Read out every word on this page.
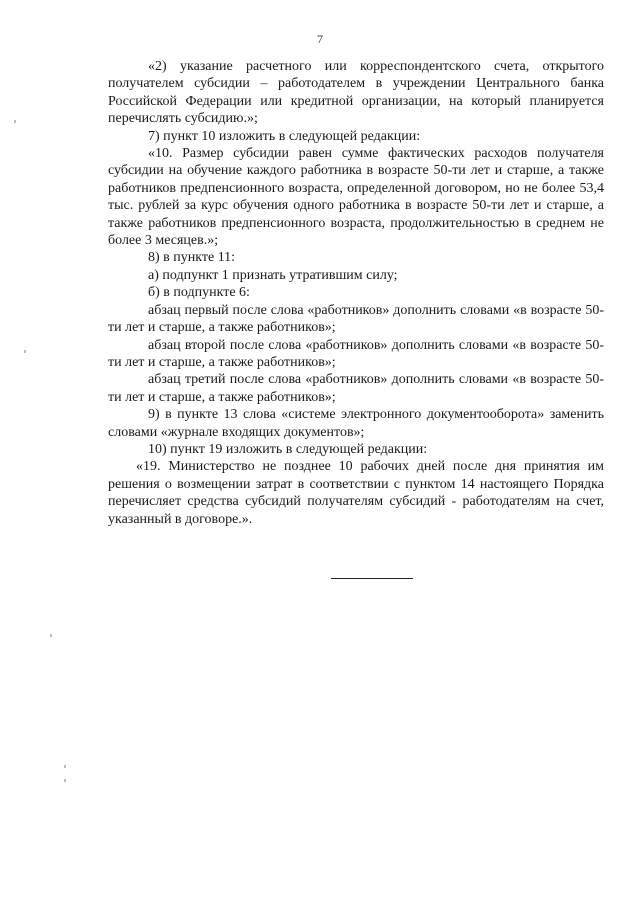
7

«2) указание расчетного или корреспондентского счета, открытого получателем субсидии – работодателем в учреждении Центрального банка Российской Федерации или кредитной организации, на который планируется перечислять субсидию.»;

7) пункт 10 изложить в следующей редакции:

«10. Размер субсидии равен сумме фактических расходов получателя субсидии на обучение каждого работника в возрасте 50-ти лет и старше, а также работников предпенсионного возраста, определенной договором, но не более 53,4 тыс. рублей за курс обучения одного работника в возрасте 50-ти лет и старше, а также работников предпенсионного возраста, продолжительностью в среднем не более 3 месяцев.»;

8) в пункте 11:

а) подпункт 1 признать утратившим силу;

б) в подпункте 6:

абзац первый после слова «работников» дополнить словами «в возрасте 50-ти лет и старше, а также работников»;

абзац второй после слова «работников» дополнить словами «в возрасте 50-ти лет и старше, а также работников»;

абзац третий после слова «работников» дополнить словами «в возрасте 50-ти лет и старше, а также работников»;

9) в пункте 13 слова «системе электронного документооборота» заменить словами «журнале входящих документов»;

10) пункт 19 изложить в следующей редакции:

«19. Министерство не позднее 10 рабочих дней после дня принятия им решения о возмещении затрат в соответствии с пунктом 14 настоящего Порядка перечисляет средства субсидий получателям субсидий - работодателям на счет, указанный в договоре.».
